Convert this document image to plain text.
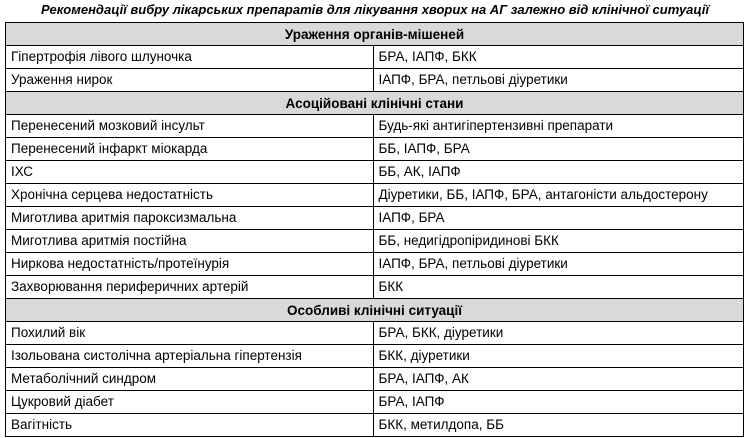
Рекомендації вибру лікарських препаратів для лікування хворих на АГ залежно від клінічної ситуації
Ураження органів-мішеней
Гіпертрофія лівого шлуночка	БРА, ІАПФ, БКК
Ураження нирок	ІАПФ, БРА, петльові діуретики
Асоційовані клінічні стани
Перенесений мозковий інсульт	Будь-які антигіпертензивні препарати
Перенесений інфаркт міокарда	ББ, ІАПФ, БРА
ІХС	ББ, АК, ІАПФ
Хронічна серцева недостатність	Діуретики, ББ, ІАПФ, БРА, антагоністи альдостерону
Миготлива аритмія пароксизмальна	ІАПФ, БРА
Миготлива аритмія постійна	ББ, недигідропіридинові БКК
Ниркова недостатність/протеїнурія	ІАПФ, БРА, петльові діуретики
Захворювання периферичних артерій	БКК
Особливі клінічні ситуації
Похилий вік	БРА, БКК, діуретики
Ізольована систолічна артеріальна гіпертензія	БКК, діуретики
Метаболічний синдром	БРА, ІАПФ, АК
Цукровий діабет	БРА, ІАПФ
Вагітність	БКК, метилдопа, ББ
